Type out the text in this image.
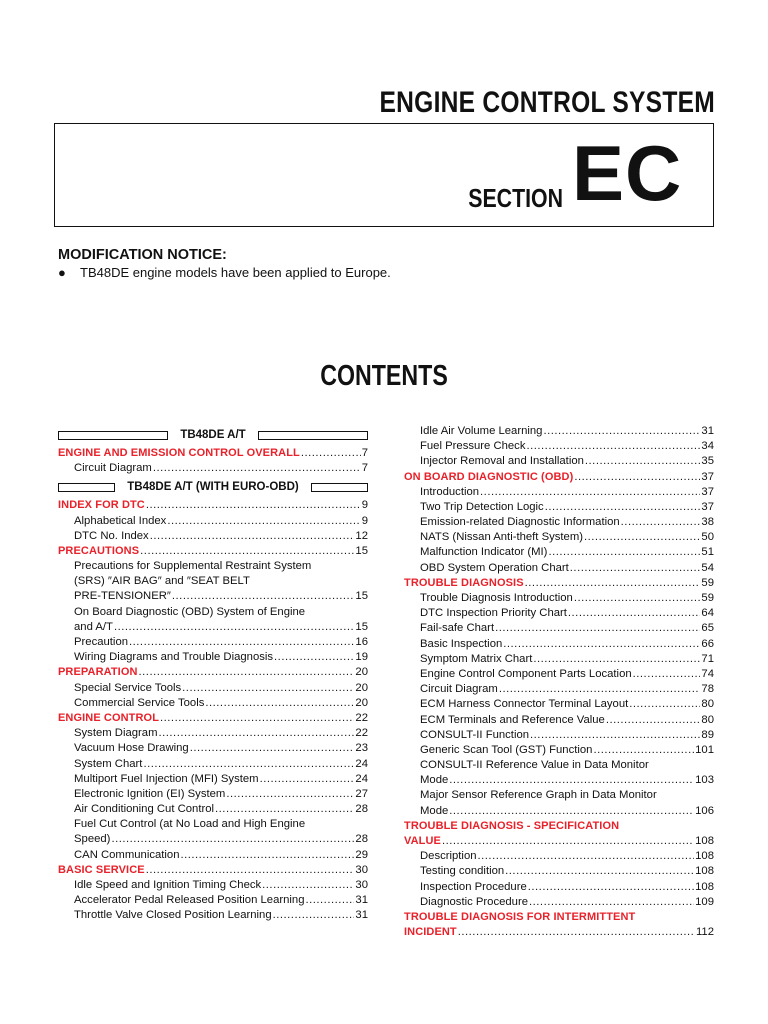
ENGINE CONTROL SYSTEM
SECTION EC
MODIFICATION NOTICE:
●	TB48DE engine models have been applied to Europe.
CONTENTS
TB48DE A/T
ENGINE AND EMISSION CONTROL OVERALL .....	7
Circuit Diagram .....	7
TB48DE A/T (WITH EURO-OBD)
INDEX FOR DTC .....	9
Alphabetical Index .....	9
DTC No. Index .....	12
PRECAUTIONS .....	15
Precautions for Supplemental Restraint System
(SRS) ″AIR BAG″ and ″SEAT BELT
PRE-TENSIONER″ .....	15
On Board Diagnostic (OBD) System of Engine
and A/T .....	15
Precaution .....	16
Wiring Diagrams and Trouble Diagnosis .....	19
PREPARATION .....	20
Special Service Tools .....	20
Commercial Service Tools .....	20
ENGINE CONTROL .....	22
System Diagram .....	22
Vacuum Hose Drawing .....	23
System Chart .....	24
Multiport Fuel Injection (MFI) System .....	24
Electronic Ignition (EI) System .....	27
Air Conditioning Cut Control .....	28
Fuel Cut Control (at No Load and High Engine
Speed) .....	28
CAN Communication .....	29
BASIC SERVICE .....	30
Idle Speed and Ignition Timing Check .....	30
Accelerator Pedal Released Position Learning .....	31
Throttle Valve Closed Position Learning .....	31
Idle Air Volume Learning .....	31
Fuel Pressure Check .....	34
Injector Removal and Installation .....	35
ON BOARD DIAGNOSTIC (OBD) .....	37
Introduction .....	37
Two Trip Detection Logic .....	37
Emission-related Diagnostic Information .....	38
NATS (Nissan Anti-theft System) .....	50
Malfunction Indicator (MI) .....	51
OBD System Operation Chart .....	54
TROUBLE DIAGNOSIS .....	59
Trouble Diagnosis Introduction .....	59
DTC Inspection Priority Chart .....	64
Fail-safe Chart .....	65
Basic Inspection .....	66
Symptom Matrix Chart .....	71
Engine Control Component Parts Location .....	74
Circuit Diagram .....	78
ECM Harness Connector Terminal Layout .....	80
ECM Terminals and Reference Value .....	80
CONSULT-II Function .....	89
Generic Scan Tool (GST) Function .....	101
CONSULT-II Reference Value in Data Monitor
Mode .....	103
Major Sensor Reference Graph in Data Monitor
Mode .....	106
TROUBLE DIAGNOSIS - SPECIFICATION
VALUE .....	108
Description .....	108
Testing condition .....	108
Inspection Procedure .....	108
Diagnostic Procedure .....	109
TROUBLE DIAGNOSIS FOR INTERMITTENT
INCIDENT .....	112
